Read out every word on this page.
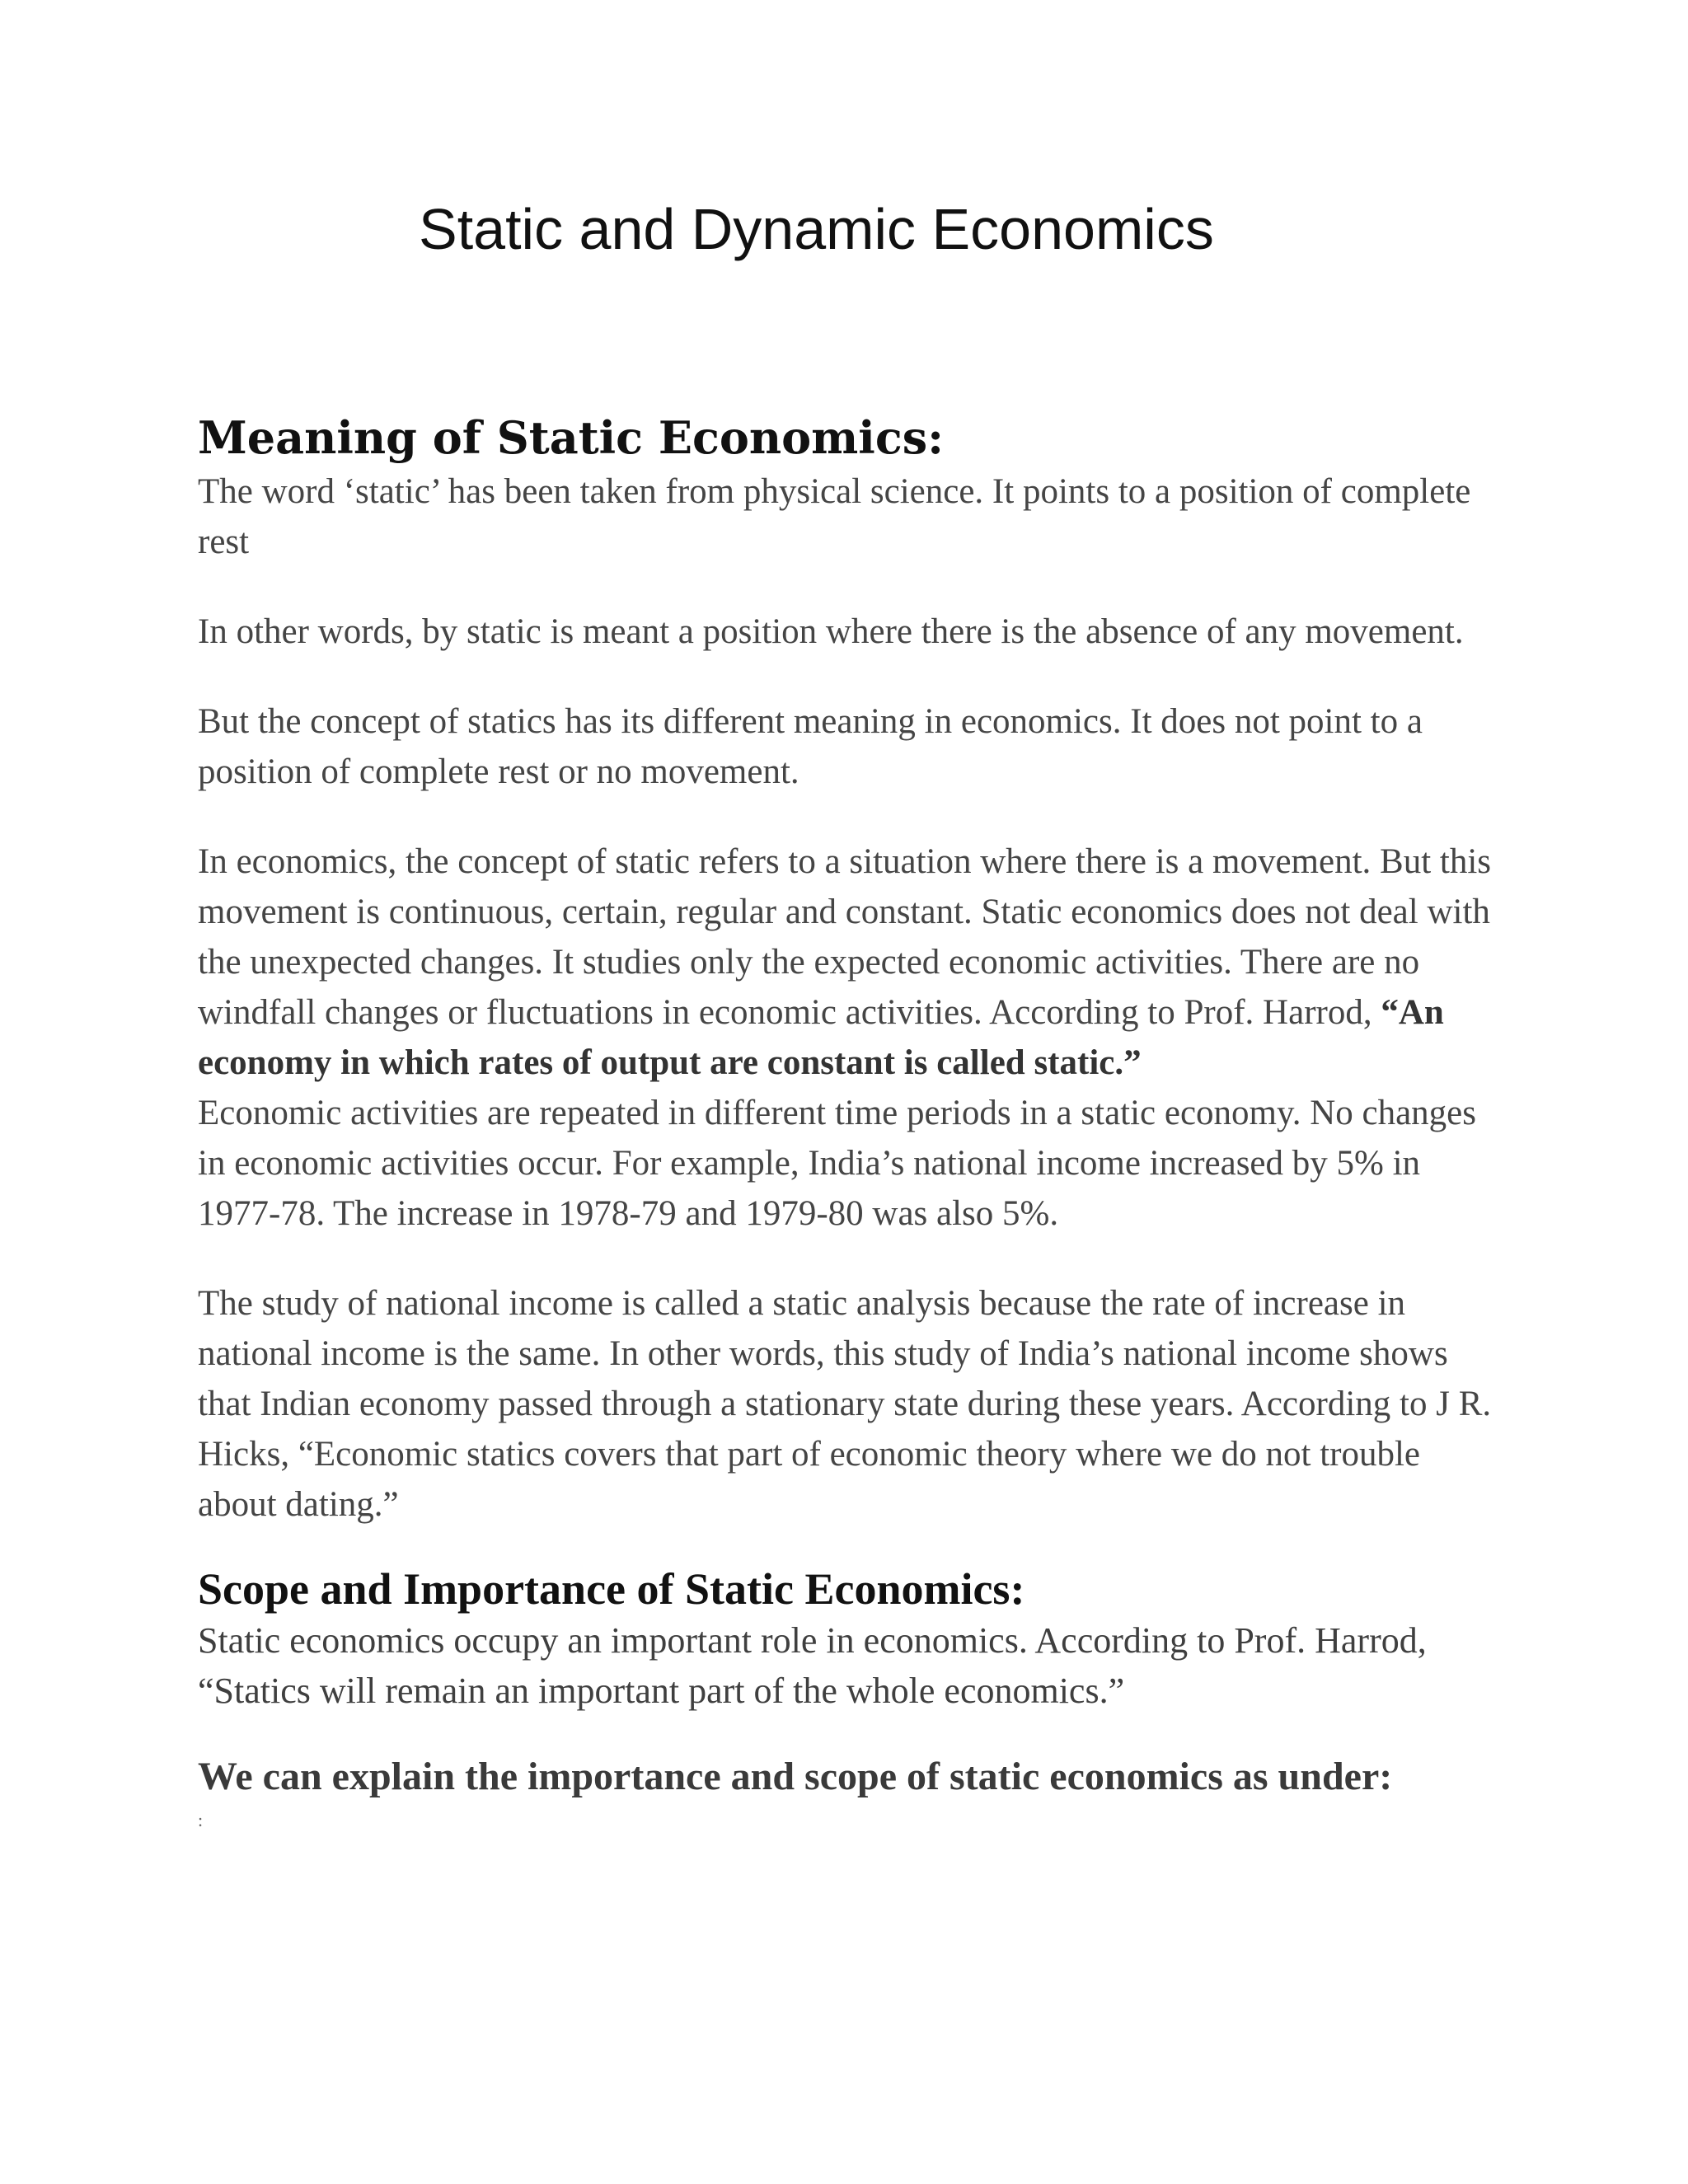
Static and Dynamic Economics
Meaning of Static Economics:

The word ‘static’ has been taken from physical science. It points to a position of complete rest

In other words, by static is meant a position where there is the absence of any movement.

But the concept of statics has its different meaning in economics. It does not point to a position of complete rest or no movement.

In economics, the concept of static refers to a situation where there is a movement. But this movement is continuous, certain, regular and constant. Static economics does not deal with the unexpected changes. It studies only the expected economic activities. There are no windfall changes or fluctuations in economic activities. According to Prof. Harrod, “An economy in which rates of output are constant is called static.”

Economic activities are repeated in different time periods in a static economy. No changes in economic activities occur. For example, India’s national income increased by 5% in 1977-78. The increase in 1978-79 and 1979-80 was also 5%.

The study of national income is called a static analysis because the rate of increase in national income is the same. In other words, this study of India’s national income shows that Indian economy passed through a stationary state during these years. According to J R. Hicks, “Economic statics covers that part of economic theory where we do not trouble about dating.”

Scope and Importance of Static Economics:

Static economics occupy an important role in economics. According to Prof. Harrod, “Statics will remain an important part of the whole economics.”

We can explain the importance and scope of static economics as under:

:
